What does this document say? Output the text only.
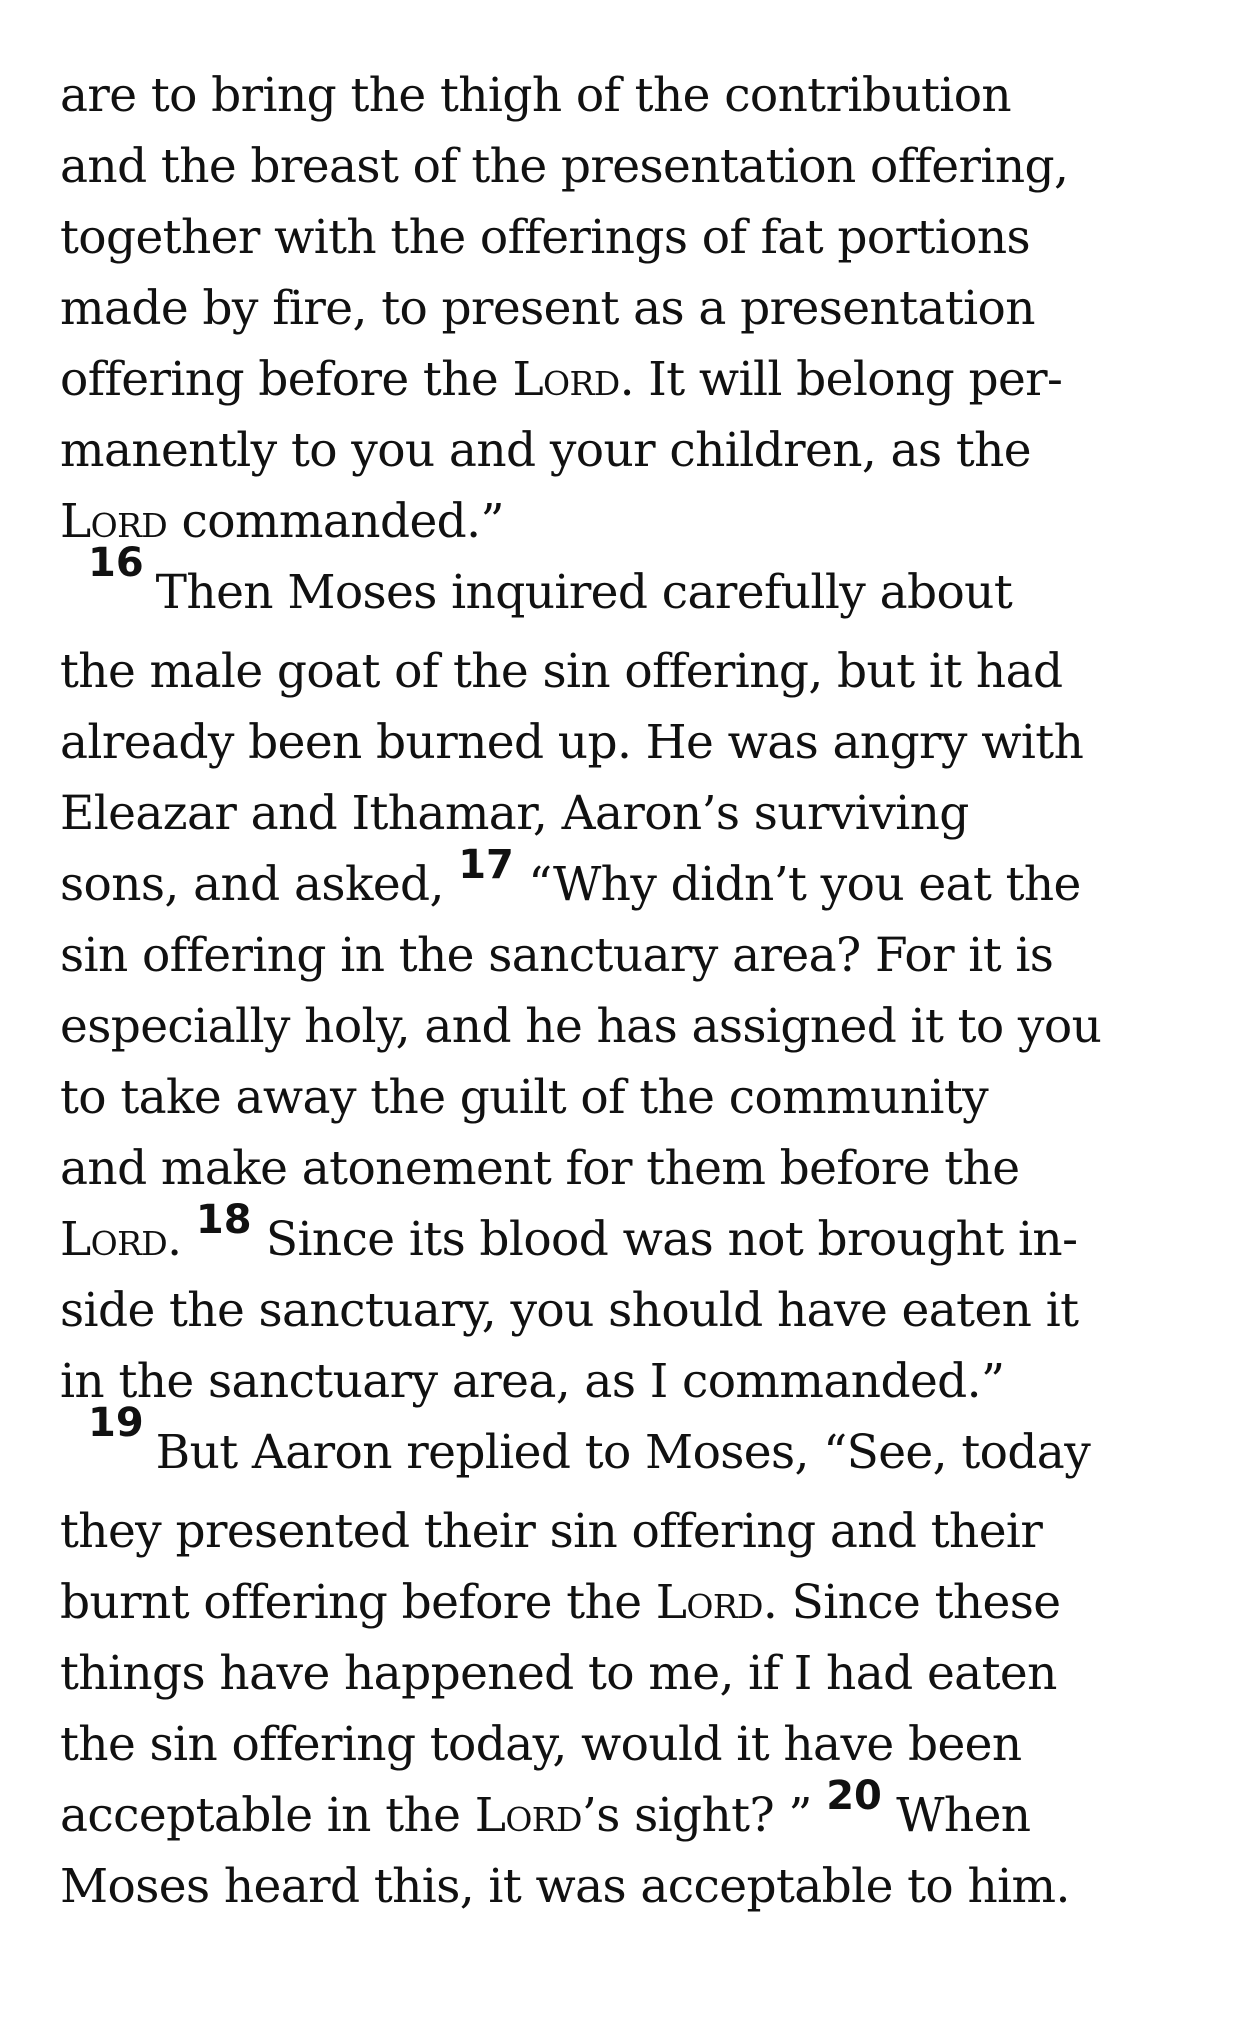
are to bring the thigh of the contribution
and the breast of the presentation offering,
together with the offerings of fat portions
made by fire, to present as a presentation
offering before the Lord. It will belong per-
manently to you and your children, as the
Lord commanded.”
16Then Moses inquired carefully about
the male goat of the sin offering, but it had
already been burned up. He was angry with
Eleazar and Ithamar, Aaron’s surviving
sons, and asked, 17 “Why didn’t you eat the
sin offering in the sanctuary area? For it is
especially holy, and he has assigned it to you
to take away the guilt of the community
and make atonement for them before the
Lord. 18 Since its blood was not brought in-
side the sanctuary, you should have eaten it
in the sanctuary area, as I commanded.”
19But Aaron replied to Moses, “See, today
they presented their sin offering and their
burnt offering before the Lord. Since these
things have happened to me, if I had eaten
the sin offering today, would it have been
acceptable in the Lord’s sight? ” 20 When
Moses heard this, it was acceptable to him.
